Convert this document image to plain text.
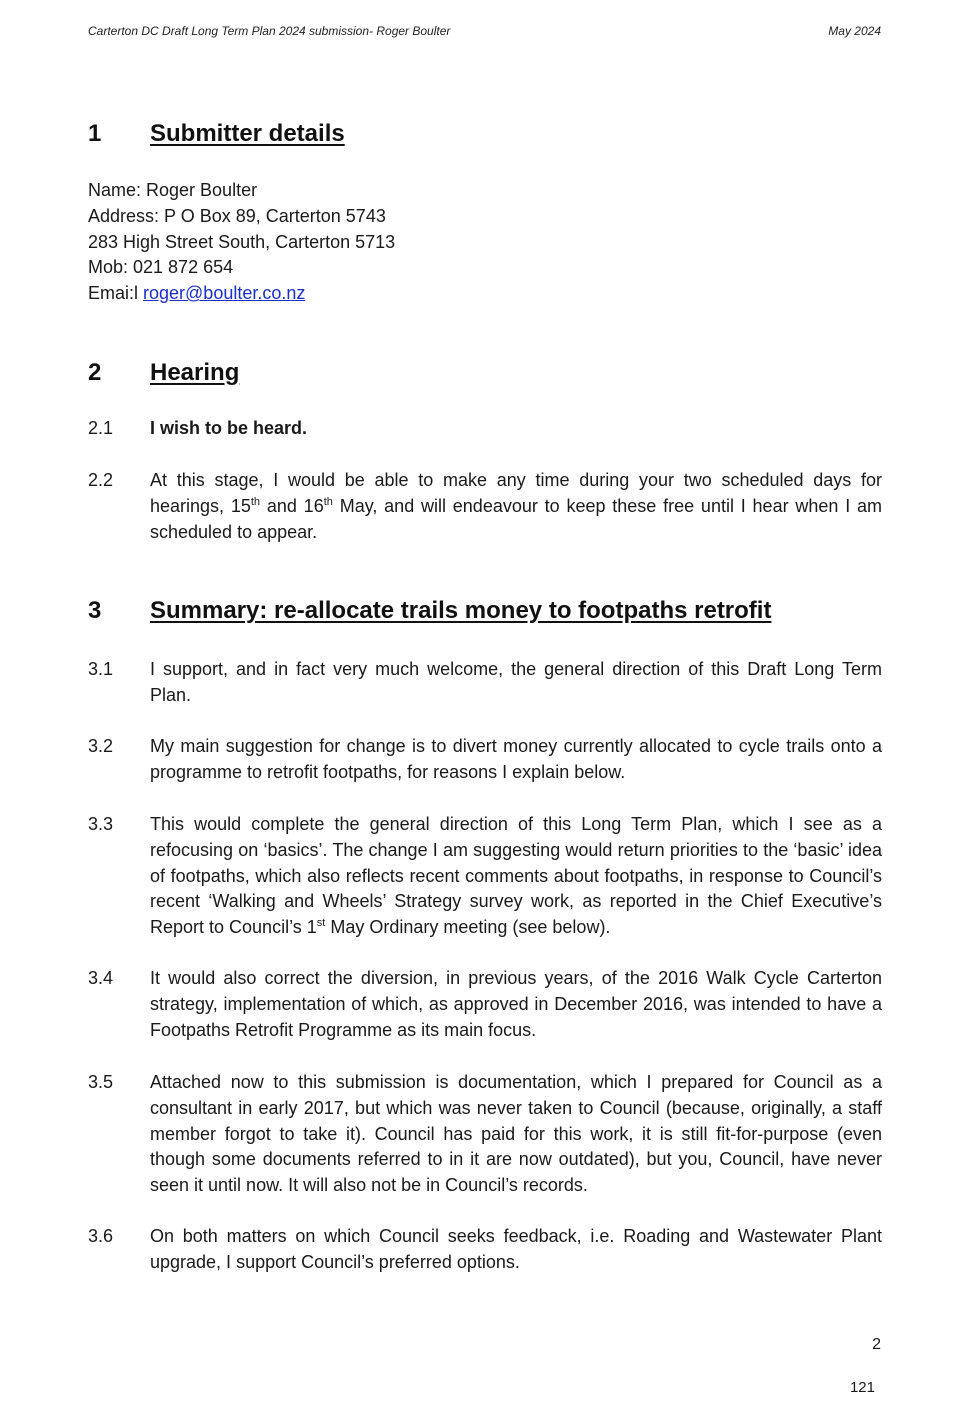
Carterton DC Draft Long Term Plan 2024 submission- Roger Boulter	May 2024
1 Submitter details
Name: Roger Boulter
Address: P O Box 89, Carterton 5743
283 High Street South, Carterton 5713
Mob: 021 872 654
Emai:l roger@boulter.co.nz
2 Hearing
2.1 I wish to be heard.
2.2 At this stage, I would be able to make any time during your two scheduled days for hearings, 15th and 16th May, and will endeavour to keep these free until I hear when I am scheduled to appear.
3 Summary: re-allocate trails money to footpaths retrofit
3.1 I support, and in fact very much welcome, the general direction of this Draft Long Term Plan.
3.2 My main suggestion for change is to divert money currently allocated to cycle trails onto a programme to retrofit footpaths, for reasons I explain below.
3.3 This would complete the general direction of this Long Term Plan, which I see as a refocusing on ‘basics’. The change I am suggesting would return priorities to the ‘basic’ idea of footpaths, which also reflects recent comments about footpaths, in response to Council’s recent ‘Walking and Wheels’ Strategy survey work, as reported in the Chief Executive’s Report to Council’s 1st May Ordinary meeting (see below).
3.4 It would also correct the diversion, in previous years, of the 2016 Walk Cycle Carterton strategy, implementation of which, as approved in December 2016, was intended to have a Footpaths Retrofit Programme as its main focus.
3.5 Attached now to this submission is documentation, which I prepared for Council as a consultant in early 2017, but which was never taken to Council (because, originally, a staff member forgot to take it). Council has paid for this work, it is still fit-for-purpose (even though some documents referred to in it are now outdated), but you, Council, have never seen it until now. It will also not be in Council’s records.
3.6 On both matters on which Council seeks feedback, i.e. Roading and Wastewater Plant upgrade, I support Council’s preferred options.
2
121
